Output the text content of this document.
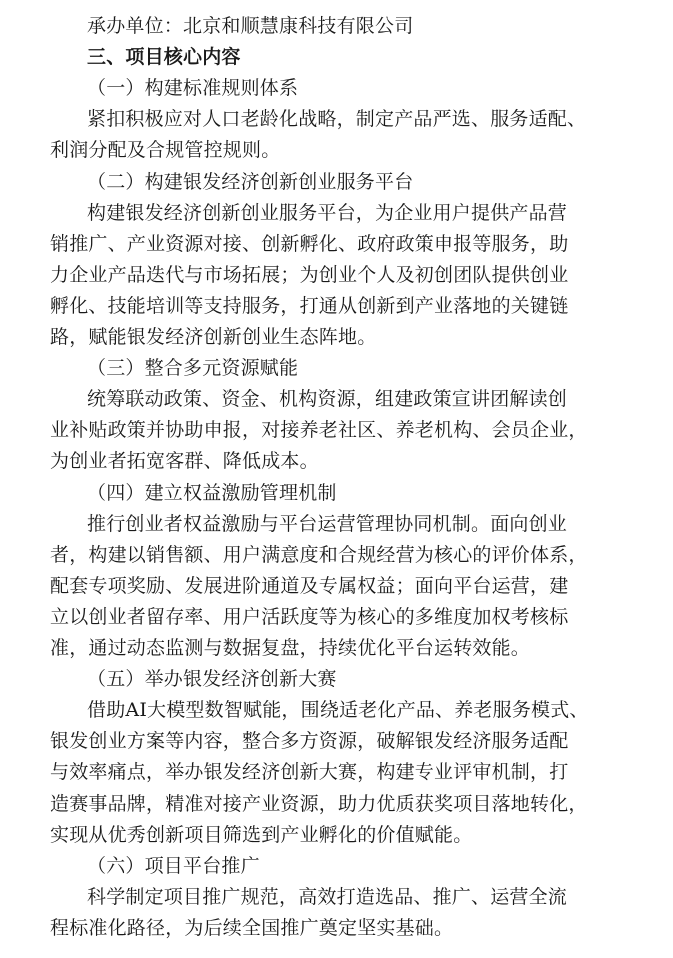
承办单位：北京和顺慧康科技有限公司
三、项目核心内容
（一）构建标准规则体系
紧扣积极应对人口老龄化战略，制定产品严选、服务适配、
利润分配及合规管控规则。
（二）构建银发经济创新创业服务平台
构建银发经济创新创业服务平台，为企业用户提供产品营
销推广、产业资源对接、创新孵化、政府政策申报等服务，助
力企业产品迭代与市场拓展；为创业个人及初创团队提供创业
孵化、技能培训等支持服务，打通从创新到产业落地的关键链
路，赋能银发经济创新创业生态阵地。
（三）整合多元资源赋能
统筹联动政策、资金、机构资源，组建政策宣讲团解读创
业补贴政策并协助申报，对接养老社区、养老机构、会员企业，
为创业者拓宽客群、降低成本。
（四）建立权益激励管理机制
推行创业者权益激励与平台运营管理协同机制。面向创业
者，构建以销售额、用户满意度和合规经营为核心的评价体系，
配套专项奖励、发展进阶通道及专属权益；面向平台运营，建
立以创业者留存率、用户活跃度等为核心的多维度加权考核标
准，通过动态监测与数据复盘，持续优化平台运转效能。
（五）举办银发经济创新大赛
借助AI大模型数智赋能，围绕适老化产品、养老服务模式、
银发创业方案等内容，整合多方资源，破解银发经济服务适配
与效率痛点，举办银发经济创新大赛，构建专业评审机制，打
造赛事品牌，精准对接产业资源，助力优质获奖项目落地转化，
实现从优秀创新项目筛选到产业孵化的价值赋能。
（六）项目平台推广
科学制定项目推广规范，高效打造选品、推广、运营全流
程标准化路径，为后续全国推广奠定坚实基础。
